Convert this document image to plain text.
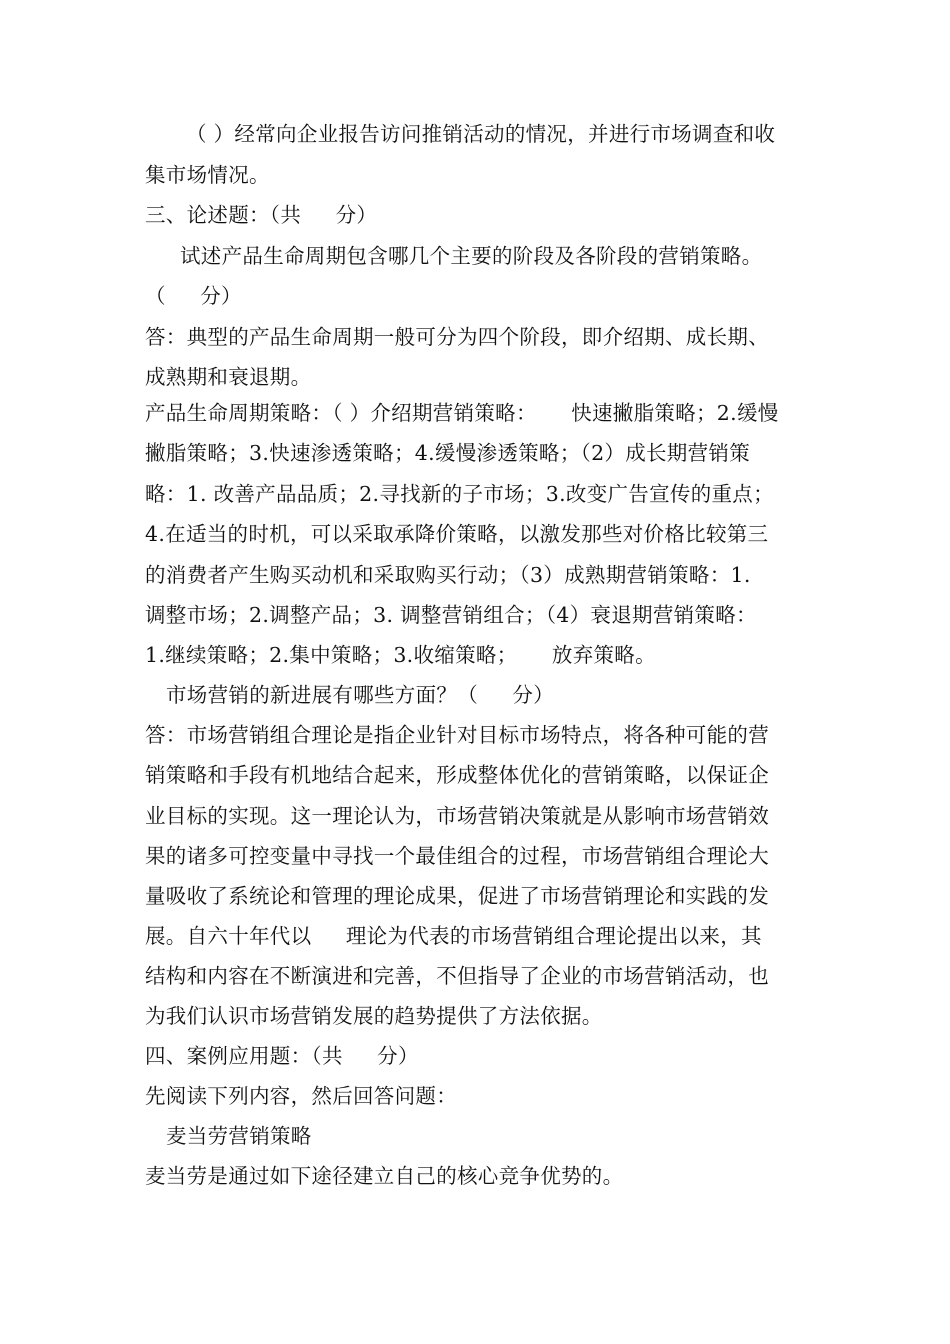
（ ）经常向企业报告访问推销活动的情况，并进行市场调查和收
集市场情况。
三、论述题：（共 　 分）
试述产品生命周期包含哪几个主要的阶段及各阶段的营销策略。
（ 　 分）
答：典型的产品生命周期一般可分为四个阶段，即介绍期、成长期、
成熟期和衰退期。
产品生命周期策略：（ ）介绍期营销策略： 　 快速撇脂策略；2.缓慢
撇脂策略；3.快速渗透策略；4.缓慢渗透策略；（2）成长期营销策
略：1. 改善产品品质；2.寻找新的子市场；3.改变广告宣传的重点；
4.在适当的时机，可以采取承降价策略，以激发那些对价格比较第三
的消费者产生购买动机和采取购买行动；（3）成熟期营销策略：1.
调整市场；2.调整产品；3. 调整营销组合；（4）衰退期营销策略：
1.继续策略；2.集中策略；3.收缩策略； 　 放弃策略。
市场营销的新进展有哪些方面？（ 　 分）
答：市场营销组合理论是指企业针对目标市场特点，将各种可能的营
销策略和手段有机地结合起来，形成整体优化的营销策略，以保证企
业目标的实现。这一理论认为，市场营销决策就是从影响市场营销效
果的诸多可控变量中寻找一个最佳组合的过程，市场营销组合理论大
量吸收了系统论和管理的理论成果，促进了市场营销理论和实践的发
展。自六十年代以 　 理论为代表的市场营销组合理论提出以来，其
结构和内容在不断演进和完善，不但指导了企业的市场营销活动，也
为我们认识市场营销发展的趋势提供了方法依据。
四、案例应用题：（共 　 分）
先阅读下列内容，然后回答问题：
麦当劳营销策略
麦当劳是通过如下途径建立自己的核心竞争优势的。
